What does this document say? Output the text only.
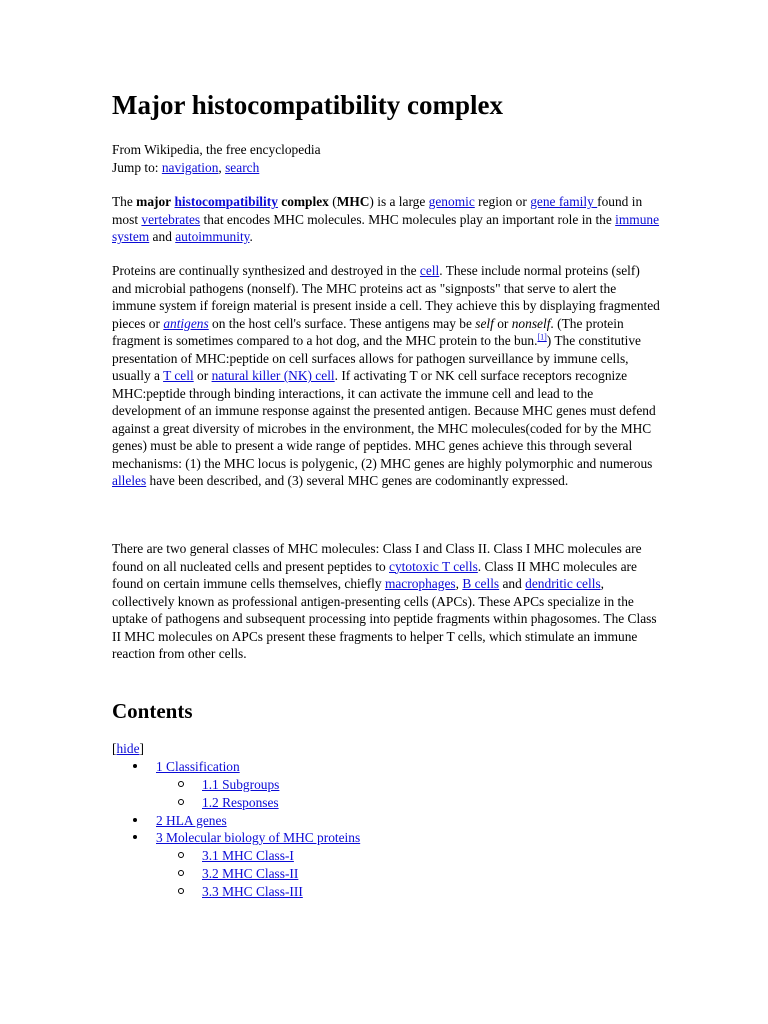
Major histocompatibility complex
From Wikipedia, the free encyclopedia
Jump to: navigation, search
The major histocompatibility complex (MHC) is a large genomic region or gene family found in most vertebrates that encodes MHC molecules. MHC molecules play an important role in the immune system and autoimmunity.
Proteins are continually synthesized and destroyed in the cell. These include normal proteins (self) and microbial pathogens (nonself). The MHC proteins act as "signposts" that serve to alert the immune system if foreign material is present inside a cell. They achieve this by displaying fragmented pieces or antigens on the host cell's surface. These antigens may be self or nonself. (The protein fragment is sometimes compared to a hot dog, and the MHC protein to the bun.[1]) The constitutive presentation of MHC:peptide on cell surfaces allows for pathogen surveillance by immune cells, usually a T cell or natural killer (NK) cell. If activating T or NK cell surface receptors recognize MHC:peptide through binding interactions, it can activate the immune cell and lead to the development of an immune response against the presented antigen. Because MHC genes must defend against a great diversity of microbes in the environment, the MHC molecules(coded for by the MHC genes) must be able to present a wide range of peptides. MHC genes achieve this through several mechanisms: (1) the MHC locus is polygenic, (2) MHC genes are highly polymorphic and numerous alleles have been described, and (3) several MHC genes are codominantly expressed.
There are two general classes of MHC molecules: Class I and Class II. Class I MHC molecules are found on all nucleated cells and present peptides to cytotoxic T cells. Class II MHC molecules are found on certain immune cells themselves, chiefly macrophages, B cells and dendritic cells, collectively known as professional antigen-presenting cells (APCs). These APCs specialize in the uptake of pathogens and subsequent processing into peptide fragments within phagosomes. The Class II MHC molecules on APCs present these fragments to helper T cells, which stimulate an immune reaction from other cells.
Contents
[hide]
1 Classification
1.1 Subgroups
1.2 Responses
2 HLA genes
3 Molecular biology of MHC proteins
3.1 MHC Class-I
3.2 MHC Class-II
3.3 MHC Class-III
